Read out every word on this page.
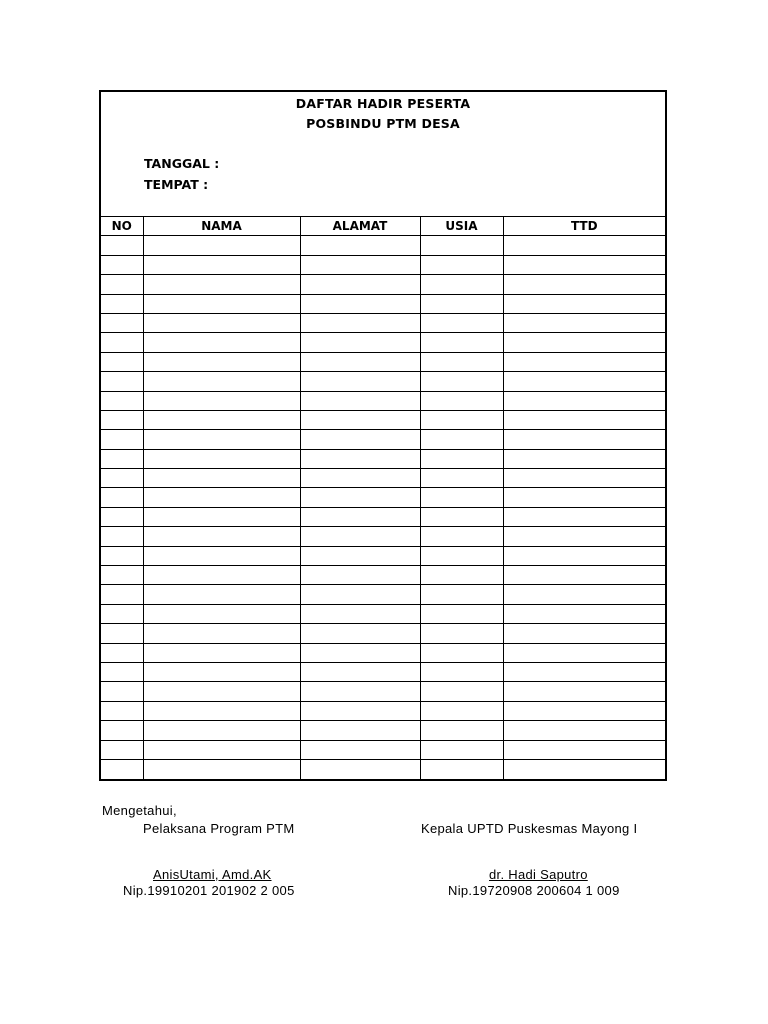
DAFTAR HADIR PESERTA
POSBINDU PTM DESA
TANGGAL :
TEMPAT :
NO	NAMA	ALAMAT	USIA	TTD

Mengetahui,
Pelaksana Program PTM	Kepala UPTD Puskesmas Mayong I
AnisUtami, Amd.AK	dr. Hadi Saputro
Nip.19910201 201902 2 005	Nip.19720908 200604 1 009
